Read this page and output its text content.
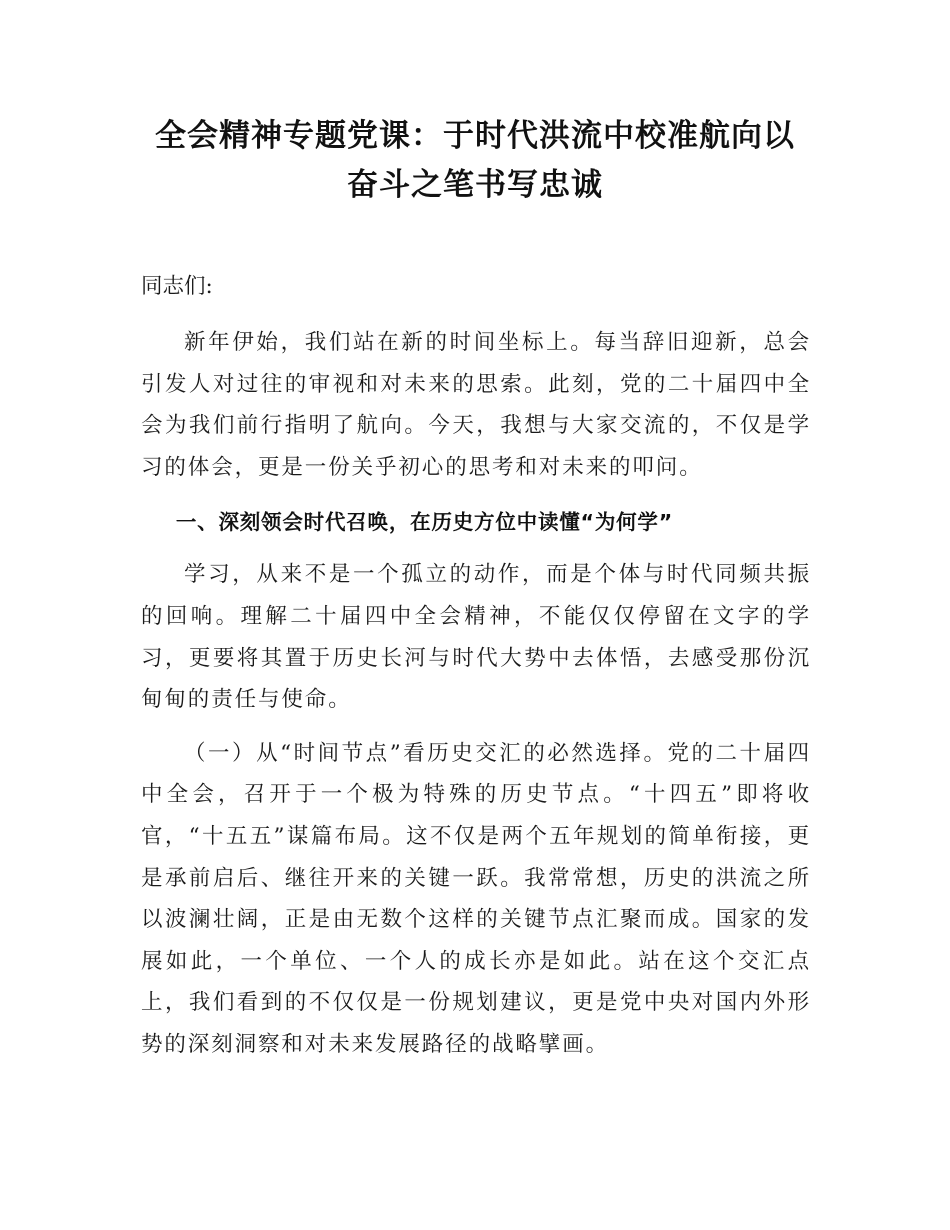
全会精神专题党课：于时代洪流中校准航向以
奋斗之笔书写忠诚

同志们:

新年伊始，我们站在新的时间坐标上。每当辞旧迎新，总会引发人对过往的审视和对未来的思索。此刻，党的二十届四中全会为我们前行指明了航向。今天，我想与大家交流的，不仅是学习的体会，更是一份关乎初心的思考和对未来的叩问。

一、深刻领会时代召唤，在历史方位中读懂“为何学”

学习，从来不是一个孤立的动作，而是个体与时代同频共振的回响。理解二十届四中全会精神，不能仅仅停留在文字的学习，更要将其置于历史长河与时代大势中去体悟，去感受那份沉甸甸的责任与使命。

（一）从“时间节点”看历史交汇的必然选择。党的二十届四中全会，召开于一个极为特殊的历史节点。“十四五”即将收官，“十五五”谋篇布局。这不仅是两个五年规划的简单衔接，更是承前启后、继往开来的关键一跃。我常常想，历史的洪流之所以波澜壮阔，正是由无数个这样的关键节点汇聚而成。国家的发展如此，一个单位、一个人的成长亦是如此。站在这个交汇点上，我们看到的不仅仅是一份规划建议，更是党中央对国内外形势的深刻洞察和对未来发展路径的战略擘画。
